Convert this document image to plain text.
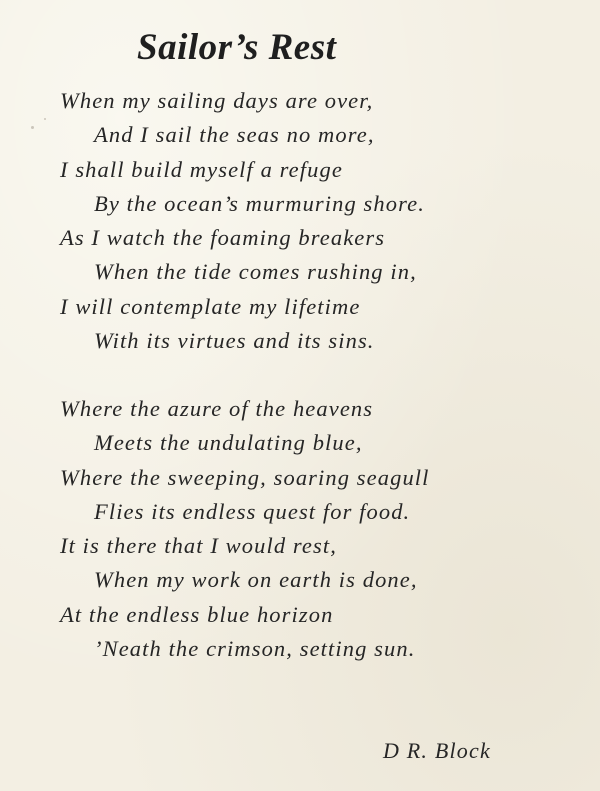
Sailor’s Rest
When my sailing days are over,
And I sail the seas no more,
I shall build myself a refuge
By the ocean’s murmuring shore.
As I watch the foaming breakers
When the tide comes rushing in,
I will contemplate my lifetime
With its virtues and its sins.
Where the azure of the heavens
Meets the undulating blue,
Where the sweeping, soaring seagull
Flies its endless quest for food.
It is there that I would rest,
When my work on earth is done,
At the endless blue horizon
’Neath the crimson, setting sun.
D R. Block
